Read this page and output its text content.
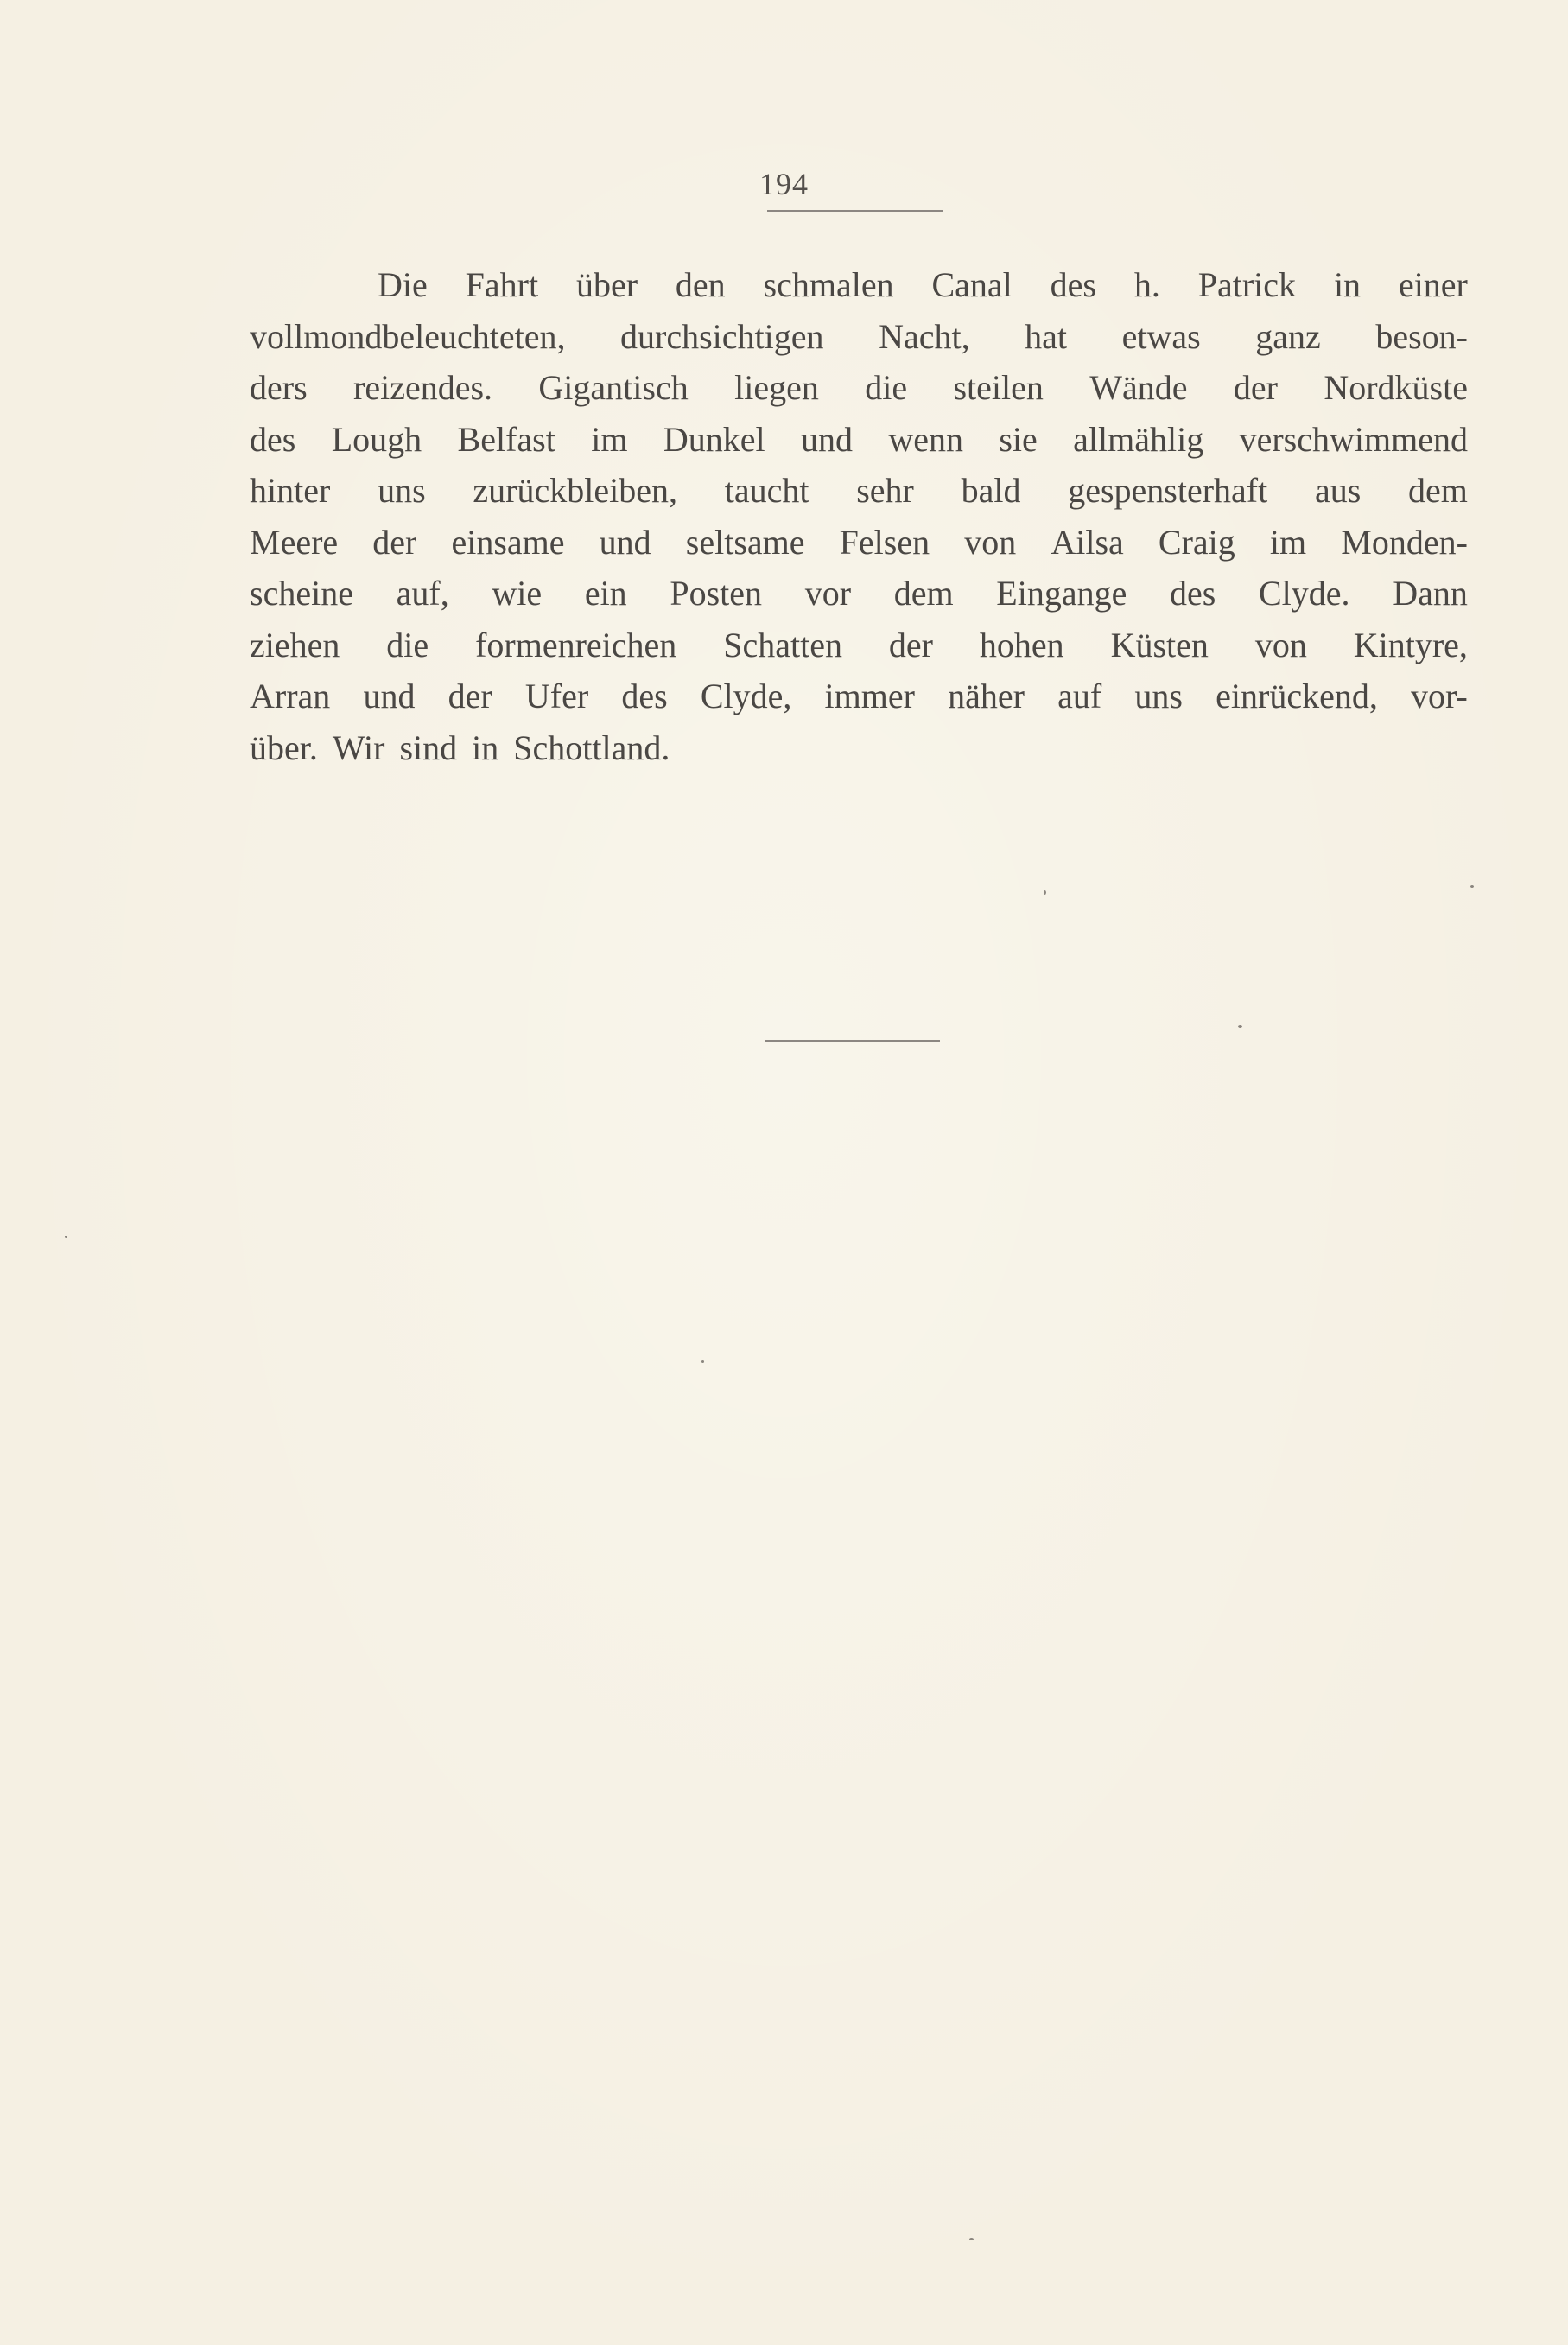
194
Die Fahrt über den schmalen Canal des h. Patrick in einer
vollmondbeleuchteten, durchsichtigen Nacht, hat etwas ganz beson-
ders reizendes. Gigantisch liegen die steilen Wände der Nordküste
des Lough Belfast im Dunkel und wenn sie allmählig verschwimmend
hinter uns zurückbleiben, taucht sehr bald gespensterhaft aus dem
Meere der einsame und seltsame Felsen von Ailsa Craig im Monden-
scheine auf, wie ein Posten vor dem Eingange des Clyde. Dann
ziehen die formenreichen Schatten der hohen Küsten von Kintyre,
Arran und der Ufer des Clyde, immer näher auf uns einrückend, vor-
über. Wir sind in Schottland.
